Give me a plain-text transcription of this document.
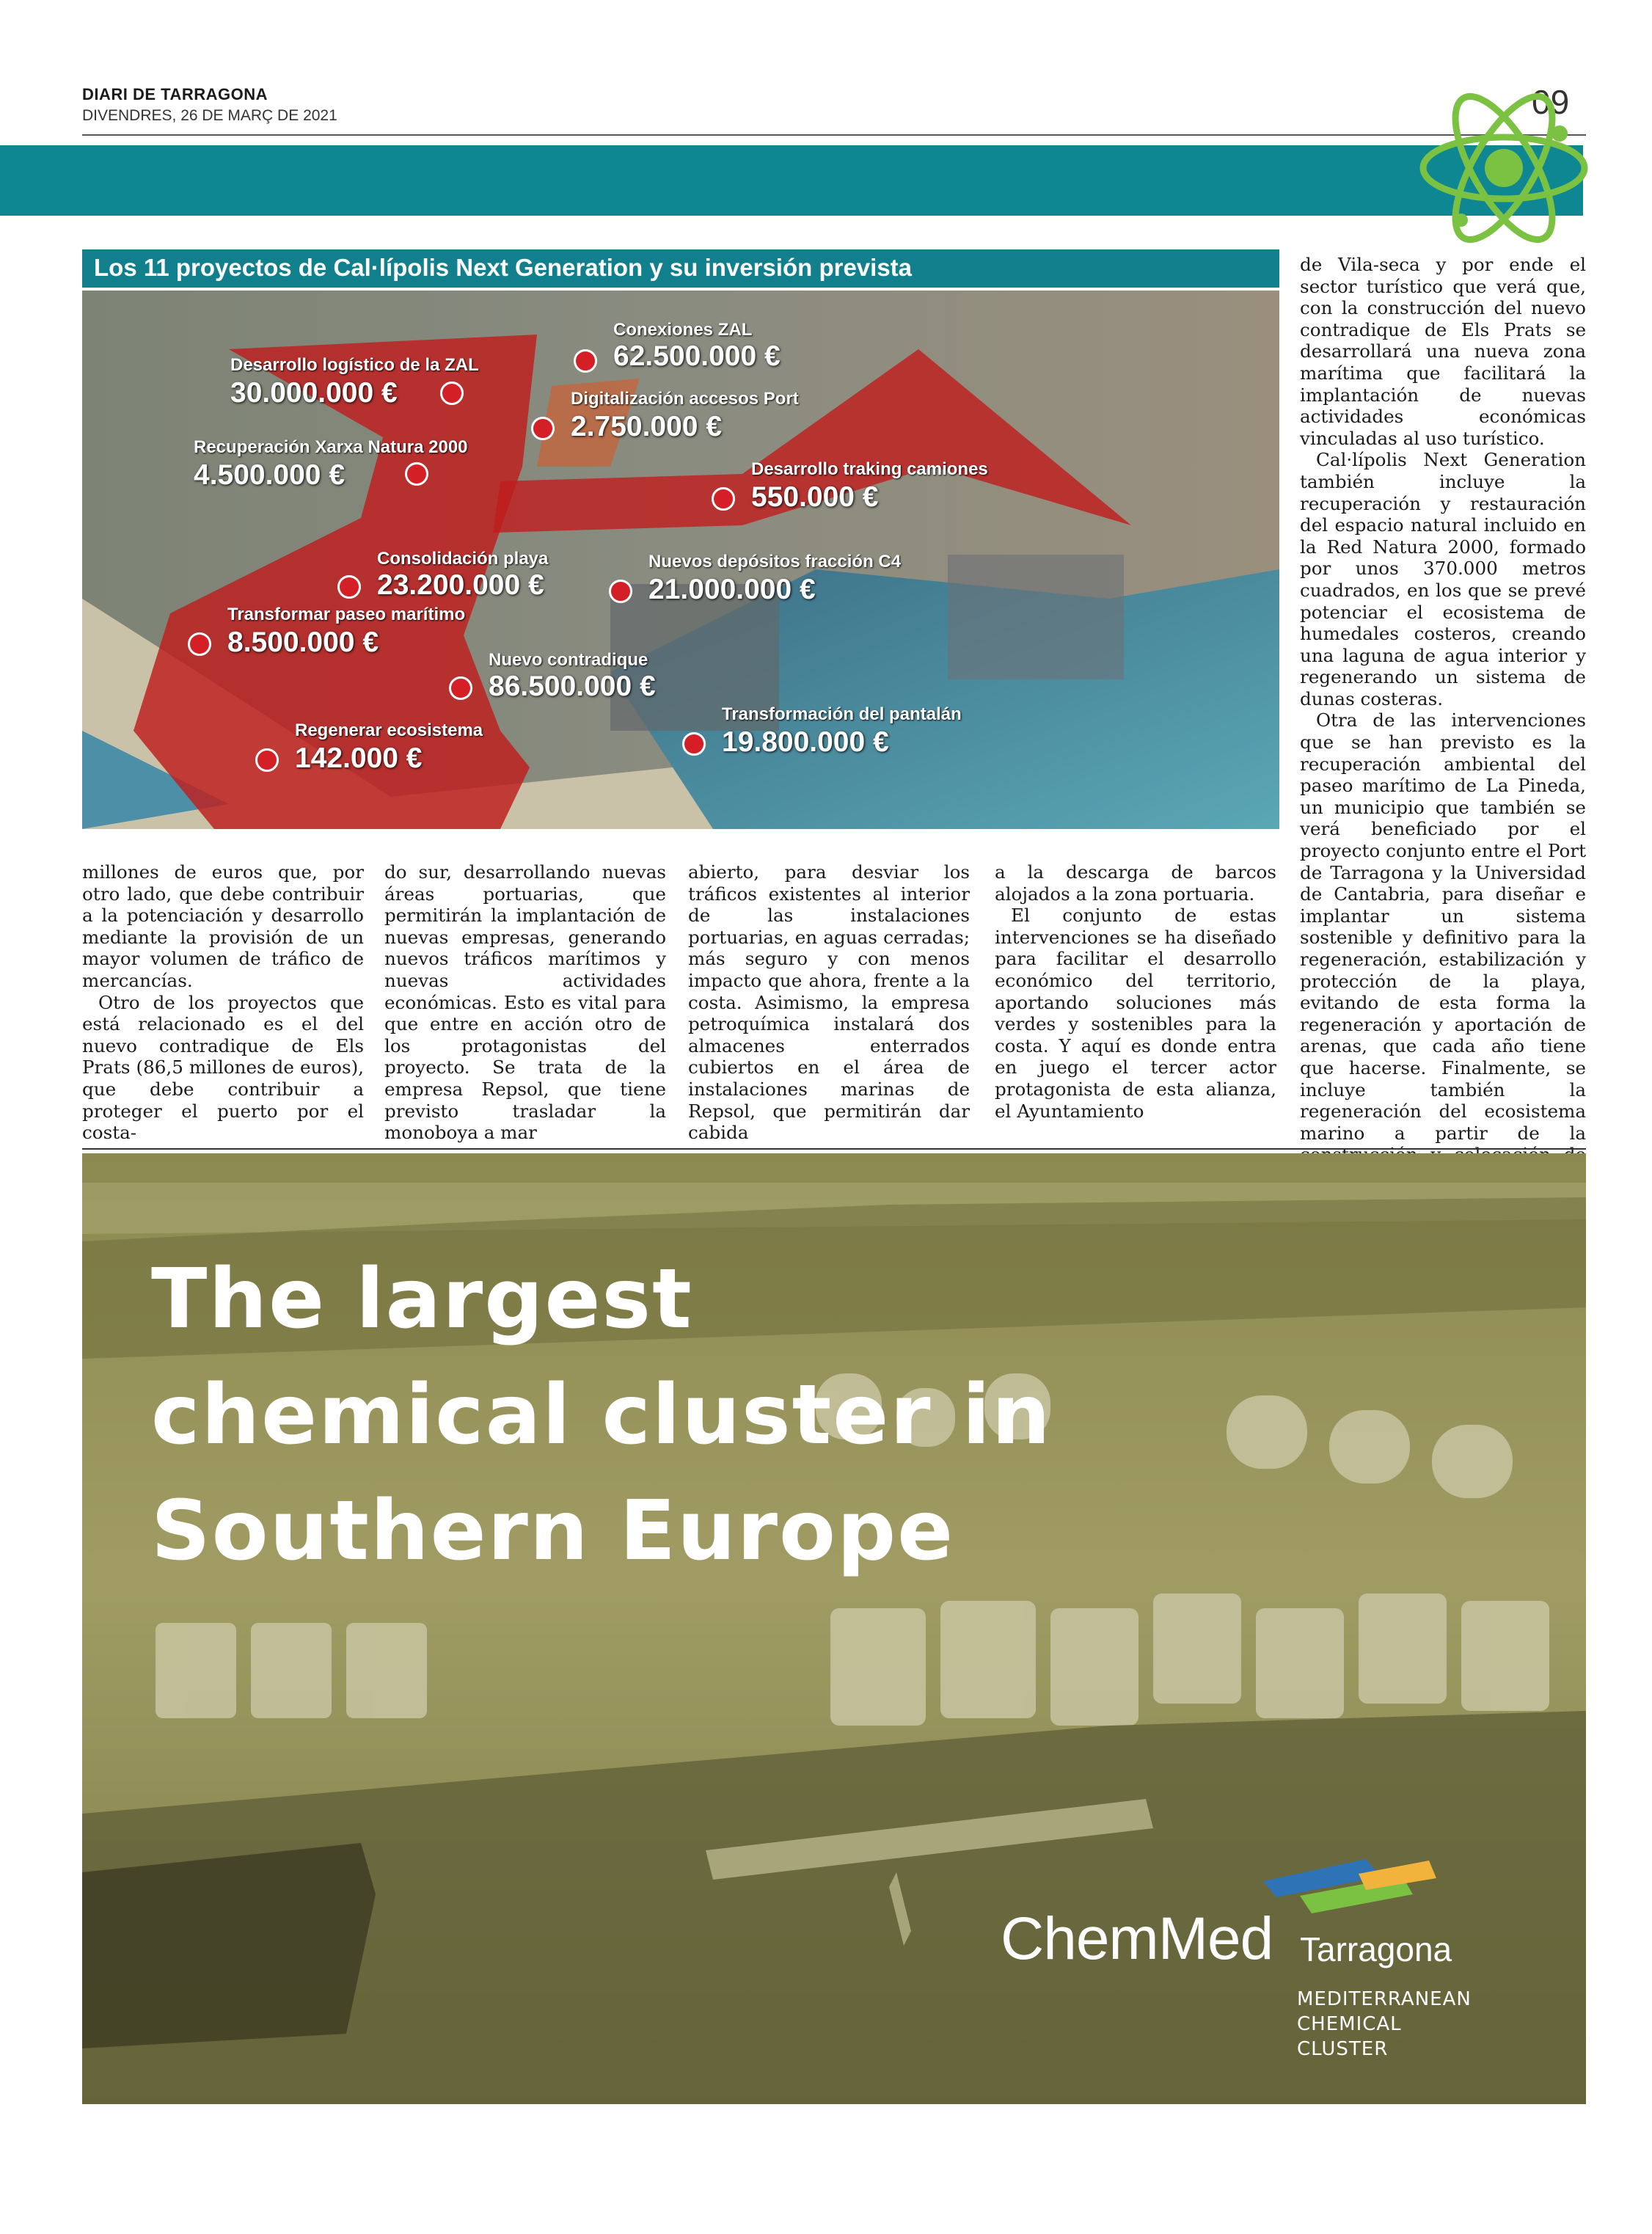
DIARI DE TARRAGONA
DIVENDRES, 26 DE MARÇ DE 2021	09
Los 11 proyectos de Cal·lípolis Next Generation y su inversión prevista
Conexiones ZAL
62.500.000 €
Desarrollo logístico de la ZAL
30.000.000 €	Digitalización accesos Port
2.750.000 €
Recuperación Xarxa Natura 2000
4.500.000 €	Desarrollo traking camiones
550.000 €
Consolidación playa
23.200.000 €
Nuevos depósitos fracción C4
21.000.000 €
Transformar paseo marítimo
8.500.000 €
Nuevo contradique
86.500.000 €
Transformación del pantalán
19.800.000 €
Regenerar ecosistema
142.000 €

millones de euros que, por otro lado, que debe contribuir a la potenciación y desarrollo mediante la provisión de un mayor volumen de tráfico de mercancías.

Otro de los proyectos que está relacionado es el del nuevo contradique de Els Prats (86,5 millones de euros), que debe contribuir a proteger el puerto por el costa-

do sur, desarrollando nuevas áreas portuarias, que permitirán la implantación de nuevas empresas, generando nuevos tráficos marítimos y nuevas actividades económicas. Esto es vital para que entre en acción otro de los protagonistas del proyecto. Se trata de la empresa Repsol, que tiene previsto trasladar la monoboya a mar

abierto, para desviar los tráficos existentes al interior de las instalaciones portuarias, en aguas cerradas; más seguro y con menos impacto que ahora, frente a la costa. Asimismo, la empresa petroquímica instalará dos almacenes enterrados cubiertos en el área de instalaciones marinas de Repsol, que permitirán dar cabida

a la descarga de barcos alojados a la zona portuaria.

El conjunto de estas intervenciones se ha diseñado para facilitar el desarrollo económico del territorio, aportando soluciones más verdes y sostenibles para la costa. Y aquí es donde entra en juego el tercer actor protagonista de esta alianza, el Ayuntamiento

de Vila-seca y por ende el sector turístico que verá que, con la construcción del nuevo contradique de Els Prats se desarrollará una nueva zona marítima que facilitará la implantación de nuevas actividades económicas vinculadas al uso turístico.

Cal·lípolis Next Generation también incluye la recuperación y restauración del espacio natural incluido en la Red Natura 2000, formado por unos 370.000 metros cuadrados, en los que se prevé potenciar el ecosistema de humedales costeros, creando una laguna de agua interior y regenerando un sistema de dunas costeras.

Otra de las intervenciones que se han previsto es la recuperación ambiental del paseo marítimo de La Pineda, un municipio que también se verá beneficiado por el proyecto conjunto entre el Port de Tarragona y la Universidad de Cantabria, para diseñar e implantar un sistema sostenible y definitivo para la regeneración, estabilización y protección de la playa, evitando de esta forma la regeneración y aportación de arenas, que cada año tiene que hacerse. Finalmente, se incluye también la regeneración del ecosistema marino a partir de la

The largest
chemical cluster in
Southern Europe
ChemMed Tarragona
MEDITERRANEAN
CHEMICAL
CLUSTER
